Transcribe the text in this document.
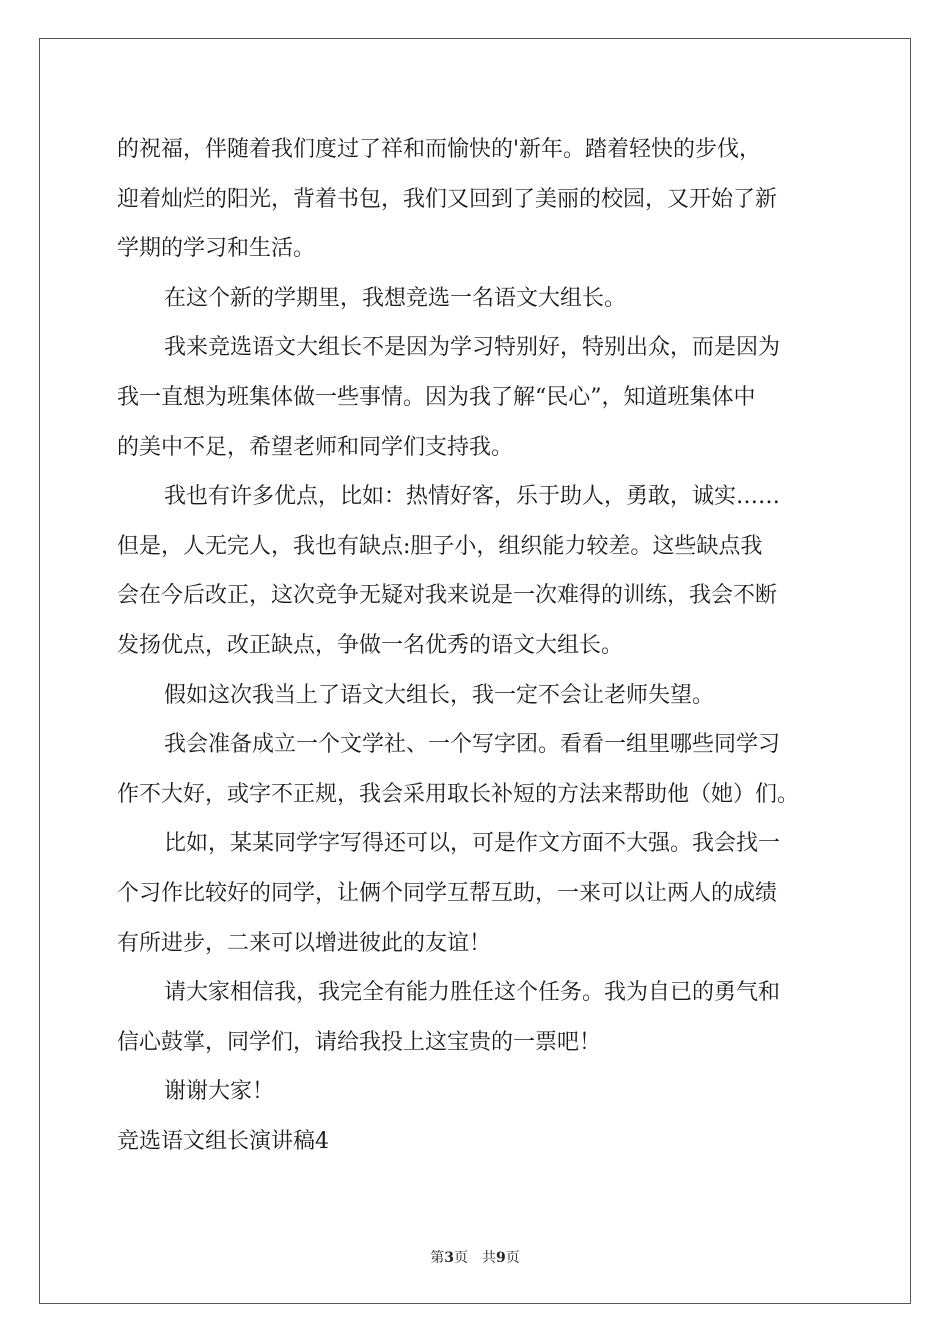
的祝福，伴随着我们度过了祥和而愉快的'新年。踏着轻快的步伐，
迎着灿烂的阳光，背着书包，我们又回到了美丽的校园，又开始了新
学期的学习和生活。
在这个新的学期里，我想竞选一名语文大组长。
我来竞选语文大组长不是因为学习特别好，特别出众，而是因为
我一直想为班集体做一些事情。因为我了解“民心”，知道班集体中
的美中不足，希望老师和同学们支持我。
我也有许多优点，比如：热情好客，乐于助人，勇敢，诚实……
但是，人无完人，我也有缺点:胆子小，组织能力较差。这些缺点我
会在今后改正，这次竞争无疑对我来说是一次难得的训练，我会不断
发扬优点，改正缺点，争做一名优秀的语文大组长。
假如这次我当上了语文大组长，我一定不会让老师失望。
我会准备成立一个文学社、一个写字团。看看一组里哪些同学习
作不大好，或字不正规，我会采用取长补短的方法来帮助他（她）们。
比如，某某同学字写得还可以，可是作文方面不大强。我会找一
个习作比较好的同学，让俩个同学互帮互助，一来可以让两人的成绩
有所进步，二来可以增进彼此的友谊！
请大家相信我，我完全有能力胜任这个任务。我为自已的勇气和
信心鼓掌，同学们，请给我投上这宝贵的一票吧！
谢谢大家！
竞选语文组长演讲稿4
第3页 共9页
